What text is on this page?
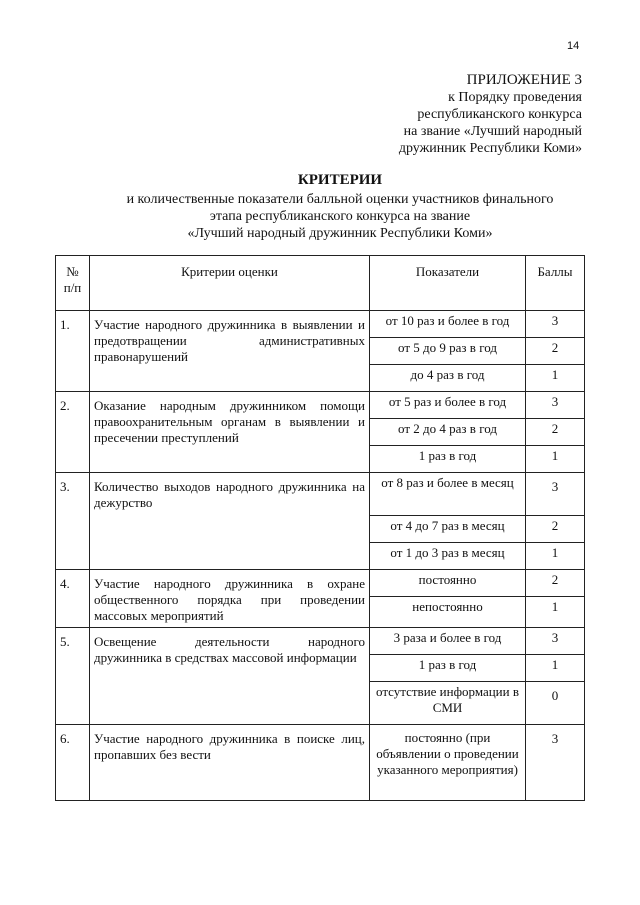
14
ПРИЛОЖЕНИЕ 3
к Порядку проведения
республиканского конкурса
на звание «Лучший народный
дружинник Республики Коми»
КРИТЕРИИ
и количественные показатели балльной оценки участников финального
этапа республиканского конкурса на звание
«Лучший народный дружинник Республики Коми»
№ п/п	Критерии оценки	Показатели	Баллы
1.	Участие народного дружинника в выявлении и предотвращении административных правонарушений	от 10 раз и более в год	3
		от 5 до 9 раз в год	2
		до 4 раз в год	1
2.	Оказание народным дружинником помощи правоохранительным органам в выявлении и пресечении преступлений	от 5 раз и более в год	3
		от 2 до 4 раз в год	2
		1 раз в год	1
3.	Количество выходов народного дружинника на дежурство	от 8 раз и более в месяц	3
		от 4 до 7 раз в месяц	2
		от 1 до 3 раз в месяц	1
4.	Участие народного дружинника в охране общественного порядка при проведении массовых мероприятий	постоянно	2
		непостоянно	1
5.	Освещение деятельности народного дружинника в средствах массовой информации	3 раза и более в год	3
		1 раз в год	1
		отсутствие информации в СМИ	0
6.	Участие народного дружинника в поиске лиц, пропавших без вести	постоянно (при объявлении о проведении указанного мероприятия)	3
